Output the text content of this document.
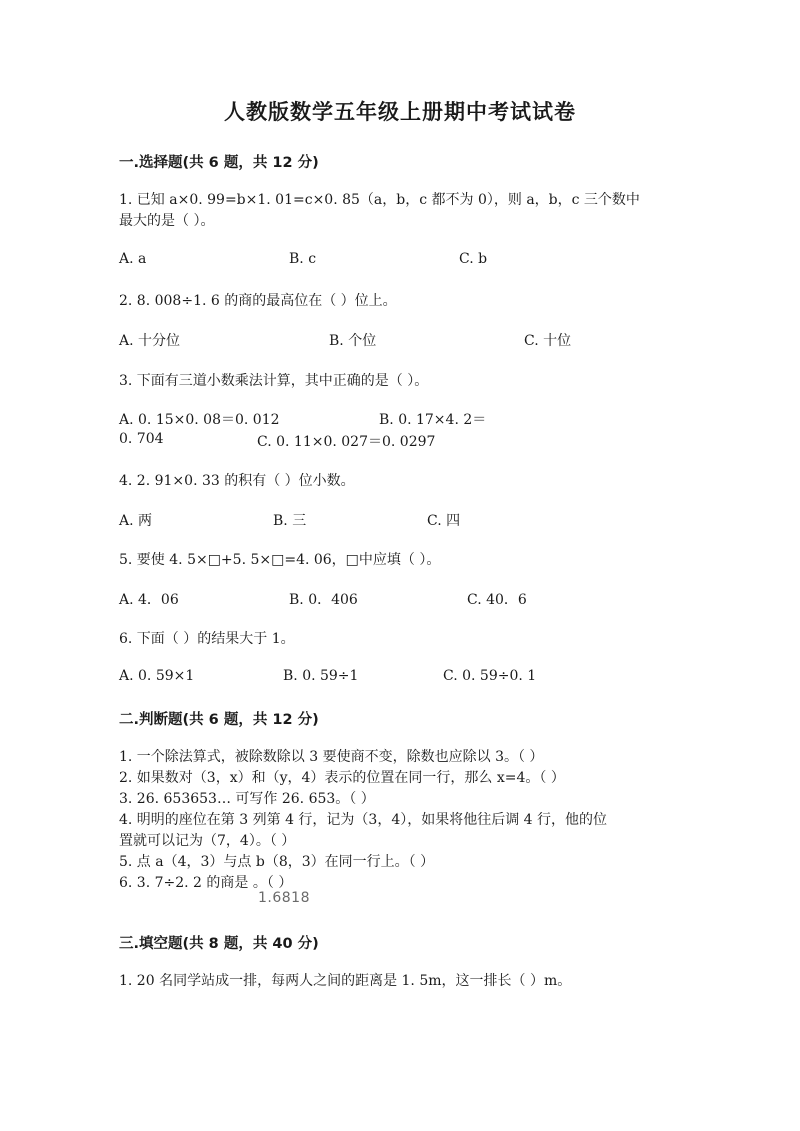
人教版数学五年级上册期中考试试卷
一.选择题(共 6 题，共 12 分)
1. 已知 a×0. 99=b×1. 01=c×0. 85（a，b，c 都不为 0），则 a，b，c 三个数中
最大的是（ ）。
A. a	B. c	C. b
2. 8. 008÷1. 6 的商的最高位在（ ）位上。
A. 十分位	B. 个位	C. 十位
3. 下面有三道小数乘法计算，其中正确的是（ ）。
A. 0. 15×0. 08＝0. 012	B. 0. 17×4. 2＝
0. 704	C. 0. 11×0. 027＝0. 0297
4. 2. 91×0. 33 的积有（ ）位小数。
A. 两	B. 三	C. 四
5. 要使 4. 5×□+5. 5×□=4. 06，□中应填（ ）。
A. 4．06	B. 0．406	C. 40．6
6. 下面（ ）的结果大于 1。
A. 0. 59×1	B. 0. 59÷1	C. 0. 59÷0. 1
二.判断题(共 6 题，共 12 分)
1. 一个除法算式，被除数除以 3 要使商不变，除数也应除以 3。（ ）
2. 如果数对（3，x）和（y，4）表示的位置在同一行，那么 x=4。（ ）
3. 26. 653653… 可写作 26. 653。（ ）
4. 明明的座位在第 3 列第 4 行，记为（3，4），如果将他往后调 4 行，他的位
置就可以记为（7，4）。（ ）
5. 点 a（4，3）与点 b（8，3）在同一行上。（ ）
6. 3. 7÷2. 2 的商是 。（ ）
1.6818
三.填空题(共 8 题，共 40 分)
1. 20 名同学站成一排，每两人之间的距离是 1. 5m，这一排长（ ）m。
